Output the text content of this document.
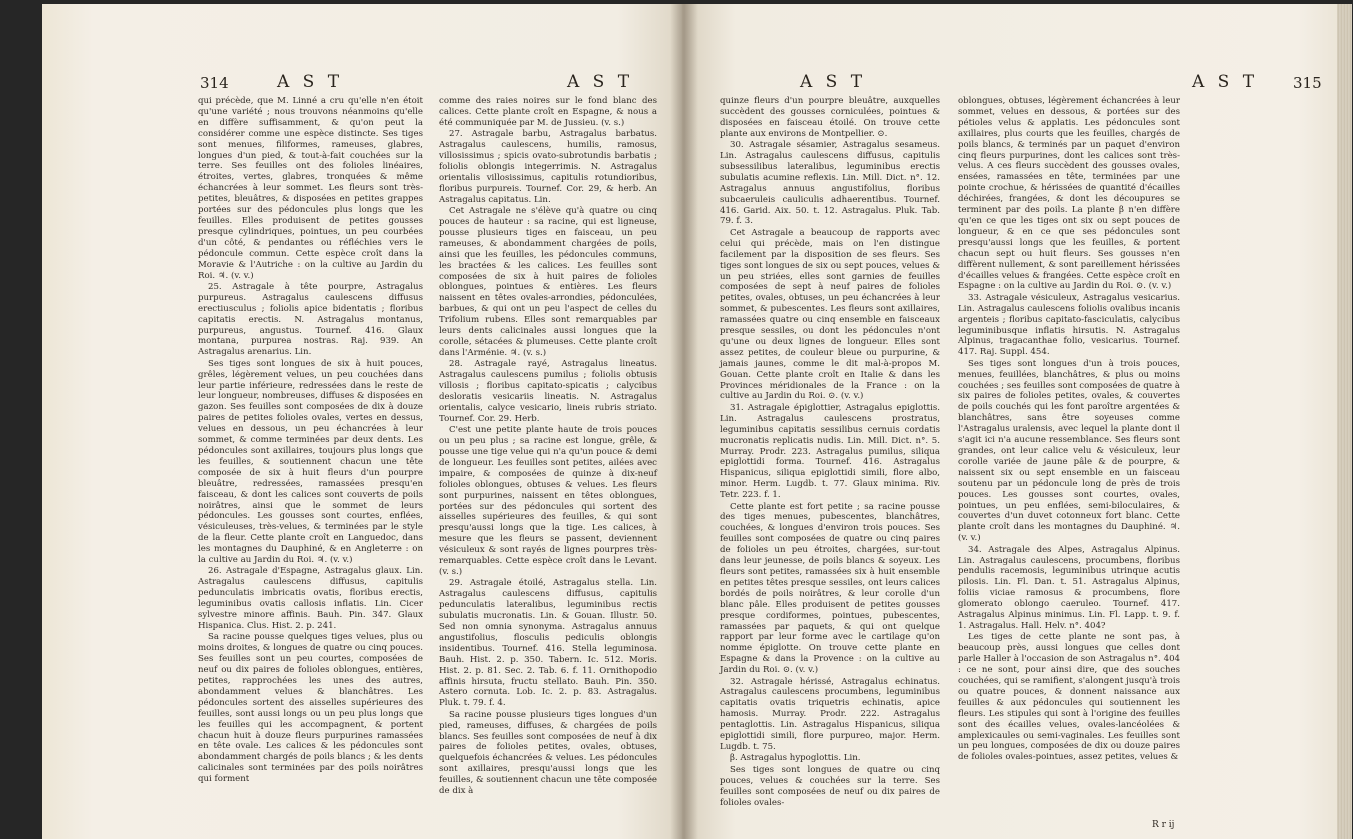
314	A S T	A S T

qui précède, que M. Linné a cru qu'elle n'en étoit qu'une variété ; nous trouvons néanmoins qu'elle en diffère suffisamment, & qu'on peut la considérer comme une espèce distincte. Ses tiges sont menues, filiformes, rameuses, glabres, longues d'un pied, & tout-à-fait couchées sur la terre. Ses feuilles ont des folioles linéaires, étroites, vertes, glabres, tronquées & même échancrées à leur sommet. Les fleurs sont très-petites, bleuâtres, & disposées en petites grappes portées sur des pédoncules plus longs que les feuilles. Elles produisent de petites gousses presque cylindriques, pointues, un peu courbées d'un côté, & pendantes ou réfléchies vers le pédoncule commun. Cette espèce croît dans la Moravie & l'Autriche : on la cultive au Jardin du Roi. ♃. (v. v.)

25. Astragale à tête pourpre, Astragalus purpureus. Astragalus caulescens diffusus erectiusculus ; foliolis apice bidentatis ; floribus capitatis erectis. N. Astragalus montanus, purpureus, angustus. Tournef. 416. Glaux montana, purpurea nostras. Raj. 939. An Astragalus arenarius. Lin.

Ses tiges sont longues de six à huit pouces, grêles, légèrement velues, un peu couchées dans leur partie inférieure, redressées dans le reste de leur longueur, nombreuses, diffuses & disposées en gazon. Ses feuilles sont composées de dix à douze paires de petites folioles ovales, vertes en dessus, velues en dessous, un peu échancrées à leur sommet, & comme terminées par deux dents. Les pédoncules sont axillaires, toujours plus longs que les feuilles, & soutiennent chacun une tête composée de six à huit fleurs d'un pourpre bleuâtre, redressées, ramassées presqu'en faisceau, & dont les calices sont couverts de poils noirâtres, ainsi que le sommet de leurs pédoncules. Les gousses sont courtes, enflées, vésiculeuses, très-velues, & terminées par le style de la fleur. Cette plante croît en Languedoc, dans les montagnes du Dauphiné, & en Angleterre : on la cultive au Jardin du Roi. ♃. (v. v.)

26. Astragale d'Espagne, Astragalus glaux. Lin. Astragalus caulescens diffusus, capitulis pedunculatis imbricatis ovatis, floribus erectis, leguminibus ovatis callosis inflatis. Lin. Cicer sylvestre minore affinis. Bauh. Pin. 347. Glaux Hispanica. Clus. Hist. 2. p. 241.

Sa racine pousse quelques tiges velues, plus ou moins droites, & longues de quatre ou cinq pouces. Ses feuilles sont un peu courtes, composées de neuf ou dix paires de folioles oblongues, entières, petites, rapprochées les unes des autres, abondamment velues & blanchâtres. Les pédoncules sortent des aisselles supérieures des feuilles, sont aussi longs ou un peu plus longs que les feuilles qui les accompagnent, & portent chacun huit à douze fleurs purpurines ramassées en tête ovale. Les calices & les pédoncules sont abondamment chargés de poils blancs ; & les dents calicinales sont terminées par des poils noirâtres qui forment

comme des raies noires sur le fond blanc des calices. Cette plante croît en Espagne, & nous a été communiquée par M. de Jussieu. (v. s.)

27. Astragale barbu, Astragalus barbatus. Astragalus caulescens, humilis, ramosus, villosissimus ; spicis ovato-subrotundis barbatis ; foliolis oblongis integerrimis. N. Astragalus orientalis villosissimus, capitulis rotundioribus, floribus purpureis. Tournef. Cor. 29, & herb. An Astragalus capitatus. Lin.

Cet Astragale ne s'élève qu'à quatre ou cinq pouces de hauteur : sa racine, qui est ligneuse, pousse plusieurs tiges en faisceau, un peu rameuses, & abondamment chargées de poils, ainsi que les feuilles, les pédoncules communs, les bractées & les calices. Les feuilles sont composées de six à huit paires de folioles oblongues, pointues & entières. Les fleurs naissent en têtes ovales-arrondies, pédonculées, barbues, & qui ont un peu l'aspect de celles du Trifolium rubens. Elles sont remarquables par leurs dents calicinales aussi longues que la corolle, sétacées & plumeuses. Cette plante croît dans l'Arménie. ♃. (v. s.)

28. Astragale rayé, Astragalus lineatus. Astragalus caulescens pumilus ; foliolis obtusis villosis ; floribus capitato-spicatis ; calycibus desloratis vesicariis lineatis. N. Astragalus orientalis, calyce vesicario, lineis rubris striato. Tournef. Cor. 29. Herb.

C'est une petite plante haute de trois pouces ou un peu plus ; sa racine est longue, grêle, & pousse une tige velue qui n'a qu'un pouce & demi de longueur. Les feuilles sont petites, ailées avec impaire, & composées de quinze à dix-neuf folioles oblongues, obtuses & velues. Les fleurs sont purpurines, naissent en têtes oblongues, portées sur des pédoncules qui sortent des aisselles supérieures des feuilles, & qui sont presqu'aussi longs que la tige. Les calices, à mesure que les fleurs se passent, deviennent vésiculeux & sont rayés de lignes pourpres très-remarquables. Cette espèce croît dans le Levant. (v. s.)

29. Astragale étoilé, Astragalus stella. Lin. Astragalus caulescens diffusus, capitulis pedunculatis lateralibus, leguminibus rectis subulatis mucronatis. Lin. & Gouan. Illustr. 50. Sed non omnia synonyma. Astragalus annuus angustifolius, flosculis pediculis oblongis insidentibus. Tournef. 416. Stella leguminosa. Bauh. Hist. 2. p. 350. Tabern. Ic. 512. Moris. Hist. 2. p. 81. Sec. 2. Tab. 6. f. 11. Ornithopodio affinis hirsuta, fructu stellato. Bauh. Pin. 350. Astero cornuta. Lob. Ic. 2. p. 83. Astragalus. Pluk. t. 79. f. 4.

Sa racine pousse plusieurs tiges longues d'un pied, rameuses, diffuses, & chargées de poils blancs. Ses feuilles sont composées de neuf à dix paires de folioles petites, ovales, obtuses, quelquefois échancrées & velues. Les pédoncules sont axillaires, presqu'aussi longs que les feuilles, & soutiennent chacun une tête composée de dix à

A S T	A S T 315

quinze fleurs d'un pourpre bleuâtre, auxquelles succèdent des gousses corniculées, pointues & disposées en faisceau étoilé. On trouve cette plante aux environs de Montpellier. ⊙.

30. Astragale sésamier, Astragalus sesameus. Lin. Astragalus caulescens diffusus, capitulis subsessilibus lateralibus, leguminibus erectis subulatis acumine reflexis. Lin. Mill. Dict. n°. 12. Astragalus annuus angustifolius, floribus subcaeruleis cauliculis adhaerentibus. Tournef. 416. Garid. Aix. 50. t. 12. Astragalus. Pluk. Tab. 79. f. 3.

Cet Astragale a beaucoup de rapports avec celui qui précède, mais on l'en distingue facilement par la disposition de ses fleurs. Ses tiges sont longues de six ou sept pouces, velues & un peu striées, elles sont garnies de feuilles composées de sept à neuf paires de folioles petites, ovales, obtuses, un peu échancrées à leur sommet, & pubescentes. Les fleurs sont axillaires, ramassées quatre ou cinq ensemble en faisceaux presque sessiles, ou dont les pédoncules n'ont qu'une ou deux lignes de longueur. Elles sont assez petites, de couleur bleue ou purpurine, & jamais jaunes, comme le dit mal-à-propos M. Gouan. Cette plante croît en Italie & dans les Provinces méridionales de la France : on la cultive au Jardin du Roi. ⊙. (v. v.)

31. Astragale épiglottier, Astragalus epiglottis. Lin. Astragalus caulescens prostratus, leguminibus capitatis sessilibus cernuis cordatis mucronatis replicatis nudis. Lin. Mill. Dict. n°. 5. Murray. Prodr. 223. Astragalus pumilus, siliqua epiglottidi forma. Tournef. 416. Astragalus Hispanicus, siliqua epiglottidi simili, flore albo, minor. Herm. Lugdb. t. 77. Glaux minima. Riv. Tetr. 223. f. 1.

Cette plante est fort petite ; sa racine pousse des tiges menues, pubescentes, blanchâtres, couchées, & longues d'environ trois pouces. Ses feuilles sont composées de quatre ou cinq paires de folioles un peu étroites, chargées, sur-tout dans leur jeunesse, de poils blancs & soyeux. Les fleurs sont petites, ramassées six à huit ensemble en petites têtes presque sessiles, ont leurs calices bordés de poils noirâtres, & leur corolle d'un blanc pâle. Elles produisent de petites gousses presque cordiformes, pointues, pubescentes, ramassées par paquets, & qui ont quelque rapport par leur forme avec le cartilage qu'on nomme épiglotte. On trouve cette plante en Espagne & dans la Provence : on la cultive au Jardin du Roi. ⊙. (v. v.)

32. Astragale hérissé, Astragalus echinatus. Astragalus caulescens procumbens, leguminibus capitatis ovatis triquetris echinatis, apice hamosis. Murray. Prodr. 222. Astragalus pentaglottis. Lin. Astragalus Hispanicus, siliqua epiglottidi simili, flore purpureo, major. Herm. Lugdb. t. 75.

β. Astragalus hypoglottis. Lin.

Ses tiges sont longues de quatre ou cinq pouces, velues & couchées sur la terre. Ses feuilles sont composées de neuf ou dix paires de folioles ovales-

oblongues, obtuses, légèrement échancrées à leur sommet, velues en dessous, & portées sur des pétioles velus & applatis. Les pédoncules sont axillaires, plus courts que les feuilles, chargés de poils blancs, & terminés par un paquet d'environ cinq fleurs purpurines, dont les calices sont très-velus. A ces fleurs succèdent des gousses ovales, ensées, ramassées en tête, terminées par une pointe crochue, & hérissées de quantité d'écailles déchirées, frangées, & dont les découpures se terminent par des poils. La plante β n'en diffère qu'en ce que les tiges ont six ou sept pouces de longueur, & en ce que ses pédoncules sont presqu'aussi longs que les feuilles, & portent chacun sept ou huit fleurs. Ses gousses n'en diffèrent nullement, & sont pareillement hérissées d'écailles velues & frangées. Cette espèce croît en Espagne : on la cultive au Jardin du Roi. ⊙. (v. v.)

33. Astragale vésiculeux, Astragalus vesicarius. Lin. Astragalus caulescens foliolis ovalibus incanis argenteis ; floribus capitato-fasciculatis, calycibus leguminibusque inflatis hirsutis. N. Astragalus Alpinus, tragacanthae folio, vesicarius. Tournef. 417. Raj. Suppl. 454.

Ses tiges sont longues d'un à trois pouces, menues, feuillées, blanchâtres, & plus ou moins couchées ; ses feuilles sont composées de quatre à six paires de folioles petites, ovales, & couvertes de poils couchés qui les font paroître argentées & blanchâtres, sans être soyeuses comme l'Astragalus uralensis, avec lequel la plante dont il s'agit ici n'a aucune ressemblance. Ses fleurs sont grandes, ont leur calice velu & vésiculeux, leur corolle variée de jaune pâle & de pourpre, & naissent six ou sept ensemble en un faisceau soutenu par un pédoncule long de près de trois pouces. Les gousses sont courtes, ovales, pointues, un peu enflées, semi-biloculaires, & couvertes d'un duvet cotonneux fort blanc. Cette plante croît dans les montagnes du Dauphiné. ♃. (v. v.)

34. Astragale des Alpes, Astragalus Alpinus. Lin. Astragalus caulescens, procumbens, floribus pendulis racemosis, leguminibus utrinque acutis pilosis. Lin. Fl. Dan. t. 51. Astragalus Alpinus, foliis viciae ramosus & procumbens, flore glomerato oblongo caeruleo. Tournef. 417. Astragalus Alpinus minimus. Lin. Fl. Lapp. t. 9. f. 1. Astragalus. Hall. Helv. n°. 404?

Les tiges de cette plante ne sont pas, à beaucoup près, aussi longues que celles dont parle Haller à l'occasion de son Astragalus n°. 404 : ce ne sont, pour ainsi dire, que des souches couchées, qui se ramifient, s'alongent jusqu'à trois ou quatre pouces, & donnent naissance aux feuilles & aux pédoncules qui soutiennent les fleurs. Les stipules qui sont à l'origine des feuilles sont des écailles velues, ovales-lancéolées & amplexicaules ou semi-vaginales. Les feuilles sont un peu longues, composées de dix ou douze paires de folioles ovales-pointues, assez petites, velues &

R r ij
